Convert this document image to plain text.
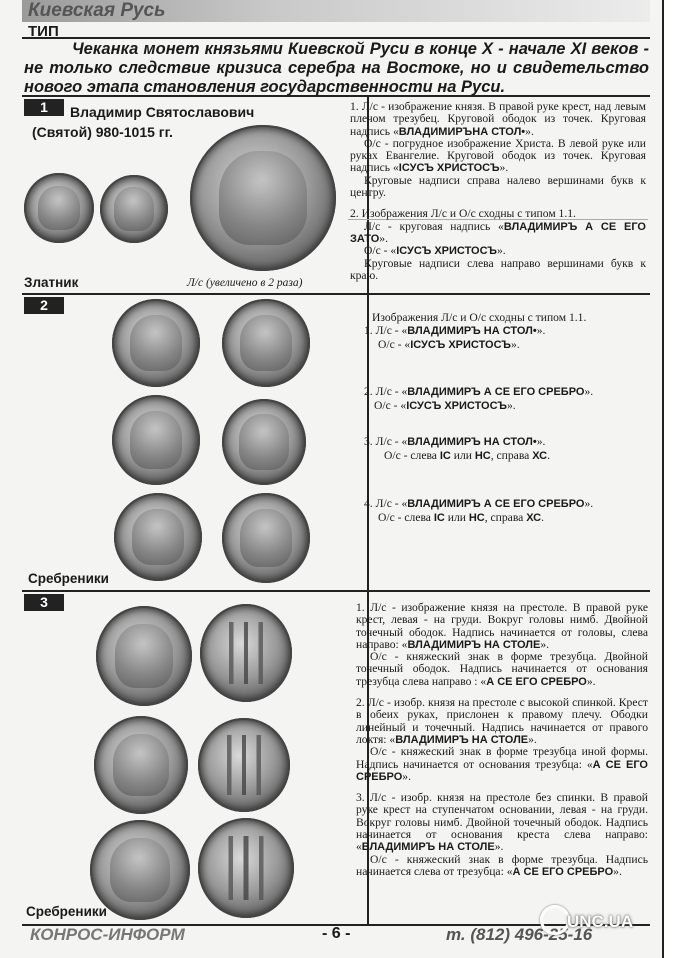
Киевская Русь
ТИП
Чеканка монет князьями Киевской Руси в конце X - начале XI веков - не только следствие кризиса серебра на Востоке, но и свидетельство нового этапа становления государственности на Руси.
1	Владимир Святославович
(Святой) 980-1015 гг.
Златник	Л/с (увеличено в 2 раза)

1. Л/с - изображение князя. В правой руке крест, над левым плечом трезубец. Круговой ободок из точек. Круговая надпись «ВЛАДИМИРЪНА СТОЛ•».

О/с - погрудное изображение Христа. В левой руке или руках Евангелие. Круговой ободок из точек. Круговая надпись «ІСУСЪ ХРИСТОСЪ».

Круговые надписи справа налево вершинами букв к центру.

2. Изображения Л/с и О/с сходны с типом 1.1.

Л/с - круговая надпись «ВЛАДИМИРЪ А СЕ ЕГО ЗАТО».

О/с - «ІСУСЪ ХРИСТОСЪ».

Круговые надписи слева направо вершинами букв к краю.

2
Сребреники
Изображения Л/с и О/с сходны с типом 1.1.
1. Л/с - «ВЛАДИМИРЪ НА СТОЛ•».
О/с - «ІСУСЪ ХРИСТОСЪ».
2. Л/с - «ВЛАДИМИРЪ А СЕ ЕГО СРЕБРО».
О/с - «ІСУСЪ ХРИСТОСЪ».
3. Л/с - «ВЛАДИМИРЪ НА СТОЛ•».
О/с - слева IC или НС, справа ХС.
4. Л/с - «ВЛАДИМИРЪ А СЕ ЕГО СРЕБРО».
О/с - слева IC или НС, справа ХС.
3
Сребреники

1. Л/с - изображение князя на престоле. В правой руке крест, левая - на груди. Вокруг головы нимб. Двойной точечный ободок. Надпись начинается от головы, слева направо: «ВЛАДИМИРЪ НА СТОЛЕ».

О/с - княжеский знак в форме трезубца. Двойной точечный ободок. Надпись начинается от основания трезубца слева направо : «А СЕ ЕГО СРЕБРО».

2. Л/с - изобр. князя на престоле с высокой спинкой. Крест в обеих руках, прислонен к правому плечу. Ободки линейный и точечный. Надпись начинается от правого локтя: «ВЛАДИМИРЪ НА СТОЛЕ».

О/с - княжеский знак в форме трезубца иной формы. Надпись начинается от основания трезубца: «А СЕ ЕГО СРЕБРО».

3. Л/с - изобр. князя на престоле без спинки. В правой руке крест на ступенчатом основании, левая - на груди. Вокруг головы нимб. Двойной точечный ободок. Надпись начинается от основания креста слева направо: «ВЛАДИМИРЪ НА СТОЛЕ».

О/с - княжеский знак в форме трезубца. Надпись начинается слева от трезубца: «А СЕ ЕГО СРЕБРО».

КОНРОС-ИНФОРМ	- 6 -	т. (812) 496-25-16
UNC.UA
